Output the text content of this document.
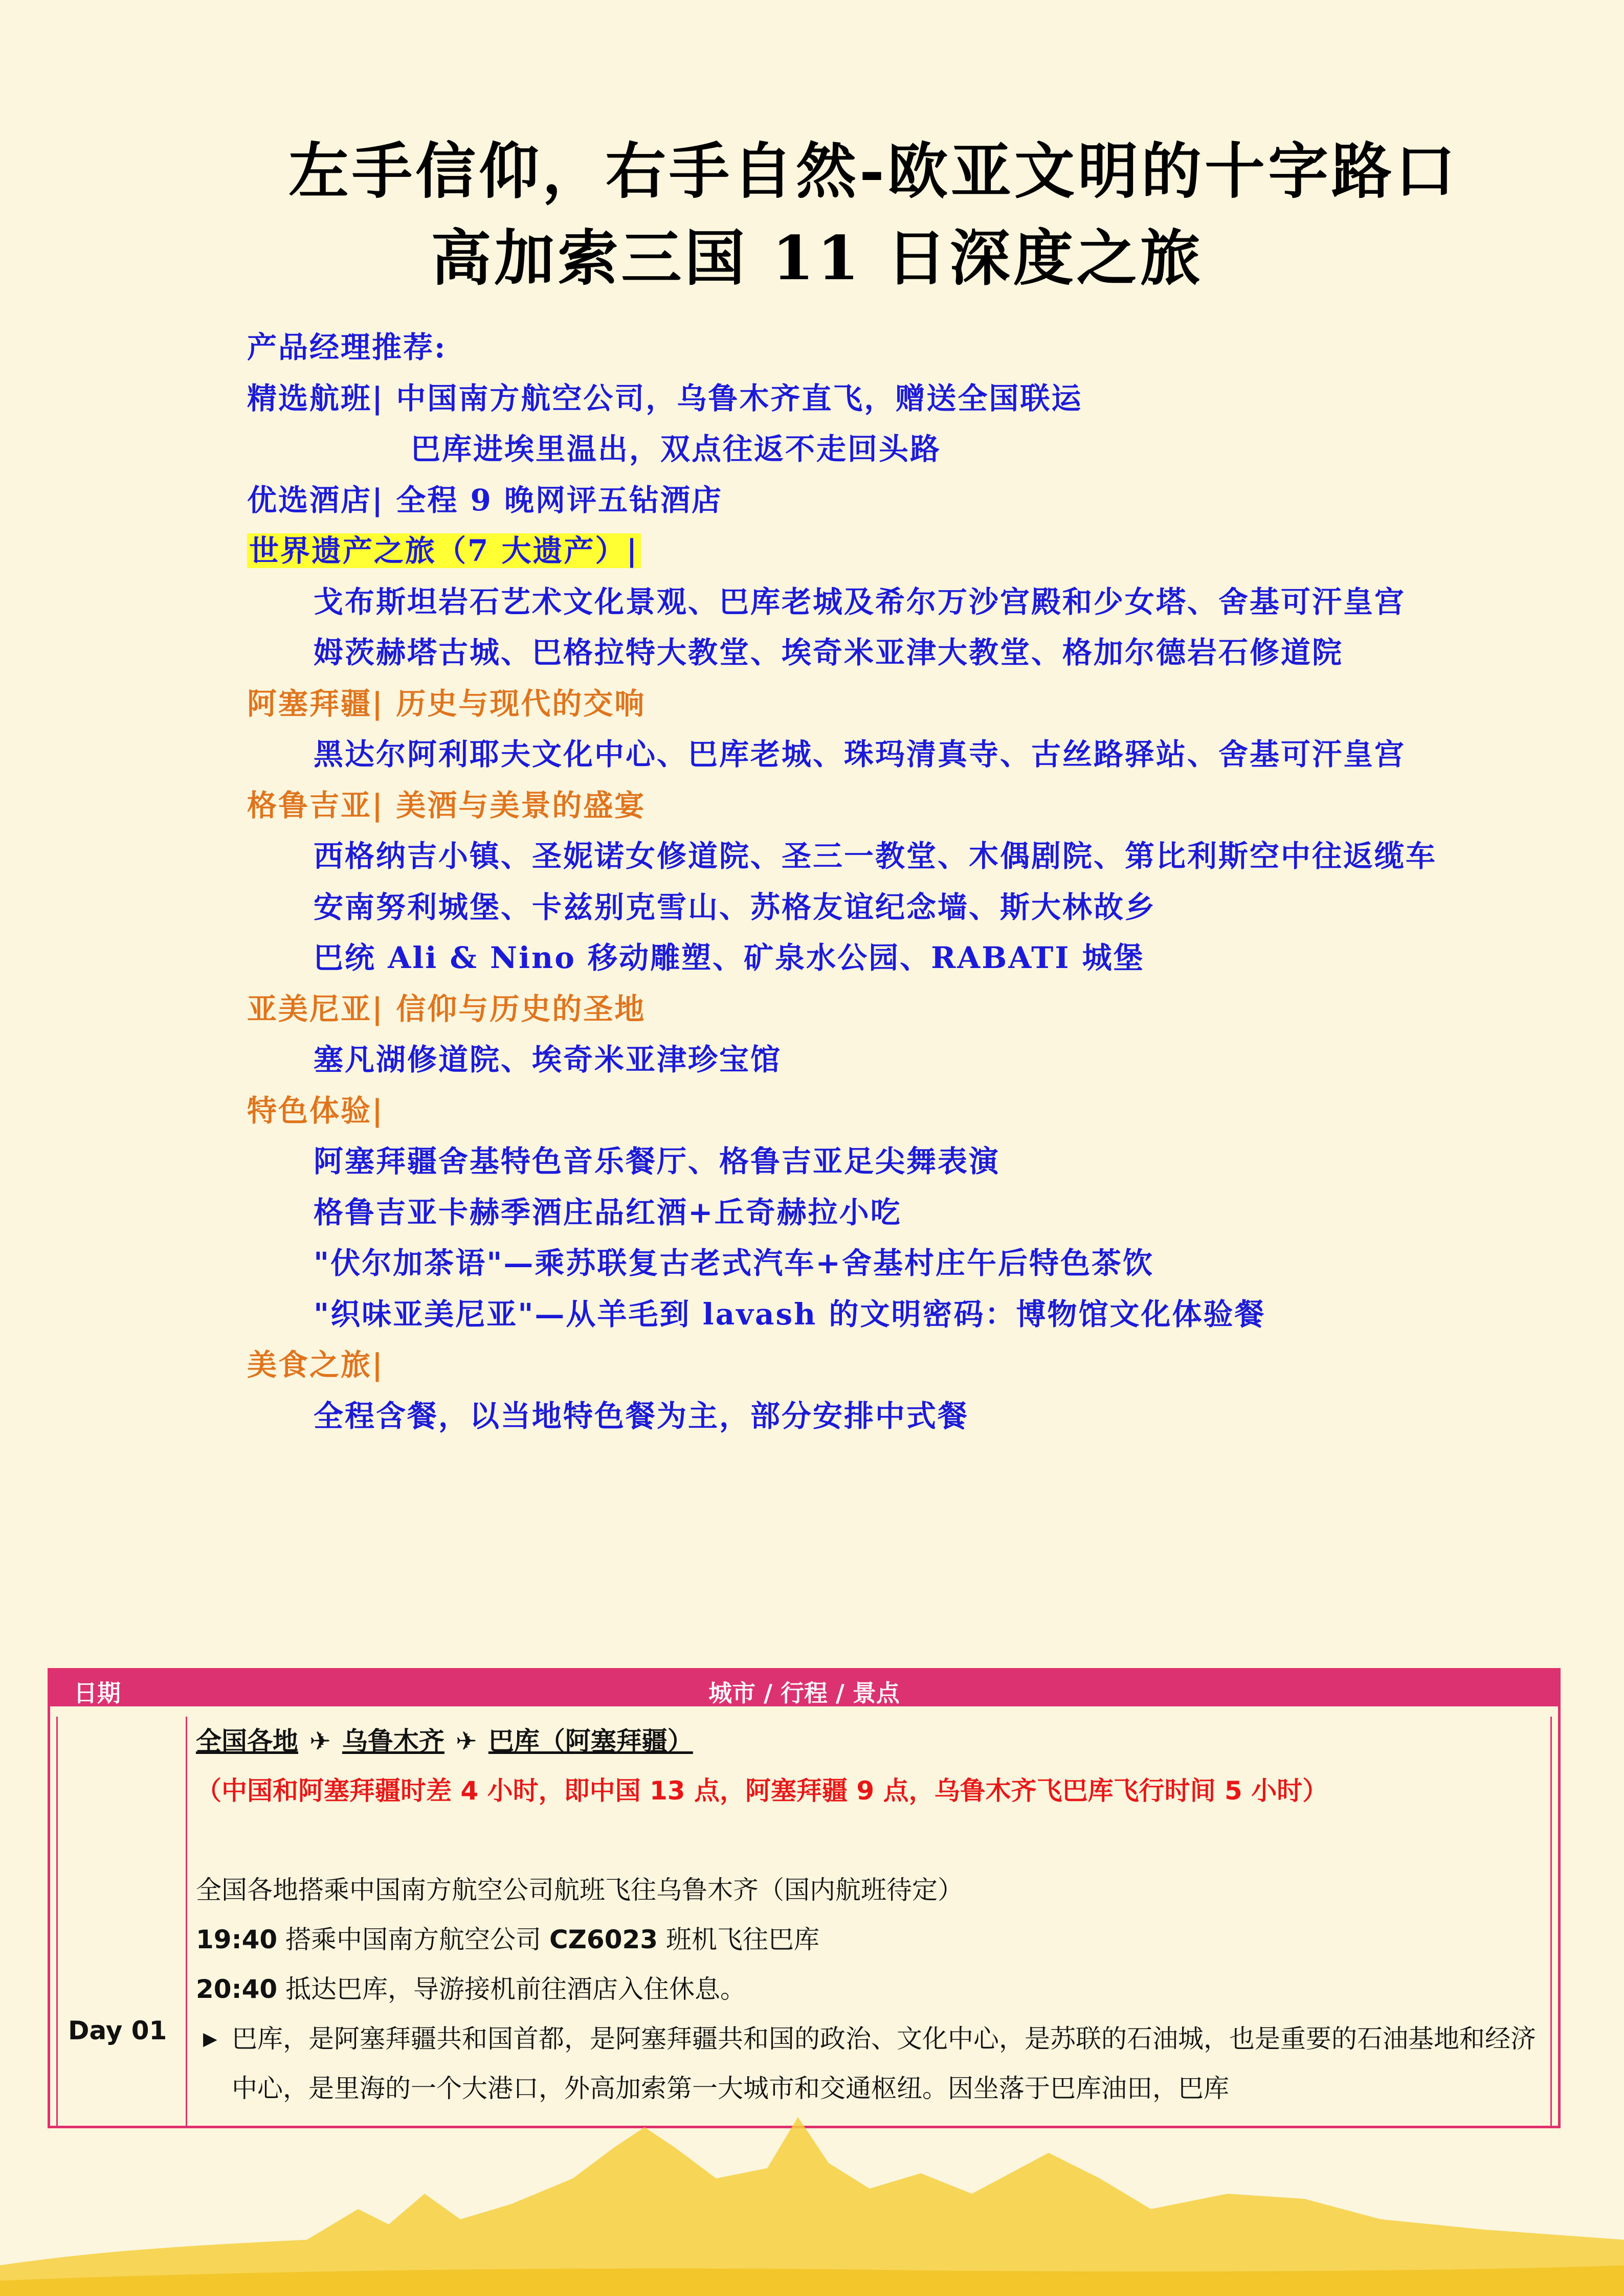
左手信仰，右手自然-欧亚文明的十字路口
高加索三国 11 日深度之旅
产品经理推荐:
精选航班| 中国南方航空公司，乌鲁木齐直飞，赠送全国联运
巴库进埃里温出，双点往返不走回头路
优选酒店| 全程 9 晚网评五钻酒店
世界遗产之旅（7 大遗产）|
戈布斯坦岩石艺术文化景观、巴库老城及希尔万沙宫殿和少女塔、舍基可汗皇宫
姆茨赫塔古城、巴格拉特大教堂、埃奇米亚津大教堂、格加尔德岩石修道院
阿塞拜疆| 历史与现代的交响
黑达尔阿利耶夫文化中心、巴库老城、珠玛清真寺、古丝路驿站、舍基可汗皇宫
格鲁吉亚| 美酒与美景的盛宴
西格纳吉小镇、圣妮诺女修道院、圣三一教堂、木偶剧院、第比利斯空中往返缆车
安南努利城堡、卡兹别克雪山、苏格友谊纪念墙、斯大林故乡
巴统 Ali & Nino 移动雕塑、矿泉水公园、RABATI 城堡
亚美尼亚| 信仰与历史的圣地
塞凡湖修道院、埃奇米亚津珍宝馆
特色体验|
阿塞拜疆舍基特色音乐餐厅、格鲁吉亚足尖舞表演
格鲁吉亚卡赫季酒庄品红酒+丘奇赫拉小吃
"伏尔加茶语"—乘苏联复古老式汽车+舍基村庄午后特色茶饮
"织味亚美尼亚"—从羊毛到 lavash 的文明密码：博物馆文化体验餐
美食之旅|
全程含餐，以当地特色餐为主，部分安排中式餐
城市 / 行程 / 景点
日期
Day 01
全国各地 ✈ 乌鲁木齐 ✈ 巴库（阿塞拜疆）
（中国和阿塞拜疆时差 4 小时，即中国 13 点，阿塞拜疆 9 点，乌鲁木齐飞巴库飞行时间 5 小时）
全国各地搭乘中国南方航空公司航班飞往乌鲁木齐（国内航班待定）
19:40 搭乘中国南方航空公司 CZ6023 班机飞往巴库
20:40 抵达巴库，导游接机前往酒店入住休息。
▶ 巴库，是阿塞拜疆共和国首都，是阿塞拜疆共和国的政治、文化中心，是苏联的石油城，也是重要的石油基地和经济中心，是里海的一个大港口，外高加索第一大城市和交通枢纽。因坐落于巴库油田，巴库
